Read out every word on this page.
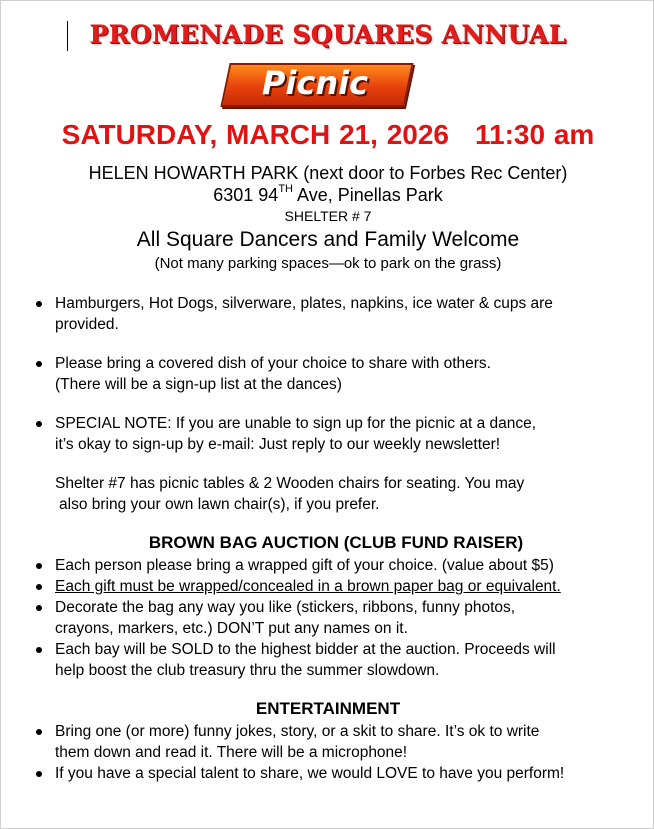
PROMENADE SQUARES ANNUAL
Picnic
SATURDAY, MARCH 21, 2026 11:30 am
HELEN HOWARTH PARK (next door to Forbes Rec Center)
6301 94TH Ave, Pinellas Park
SHELTER # 7
All Square Dancers and Family Welcome
(Not many parking spaces—ok to park on the grass)
Hamburgers, Hot Dogs, silverware, plates, napkins, ice water & cups are
provided.
Please bring a covered dish of your choice to share with others.
(There will be a sign-up list at the dances)
SPECIAL NOTE: If you are unable to sign up for the picnic at a dance,
it’s okay to sign-up by e-mail: Just reply to our weekly newsletter!
Shelter #7 has picnic tables & 2 Wooden chairs for seating. You may
also bring your own lawn chair(s), if you prefer.
BROWN BAG AUCTION (CLUB FUND RAISER)
Each person please bring a wrapped gift of your choice. (value about $5)
Each gift must be wrapped/concealed in a brown paper bag or equivalent.
Decorate the bag any way you like (stickers, ribbons, funny photos,
crayons, markers, etc.) DON’T put any names on it.
Each bay will be SOLD to the highest bidder at the auction. Proceeds will
help boost the club treasury thru the summer slowdown.
ENTERTAINMENT
Bring one (or more) funny jokes, story, or a skit to share. It’s ok to write
them down and read it. There will be a microphone!
If you have a special talent to share, we would LOVE to have you perform!
